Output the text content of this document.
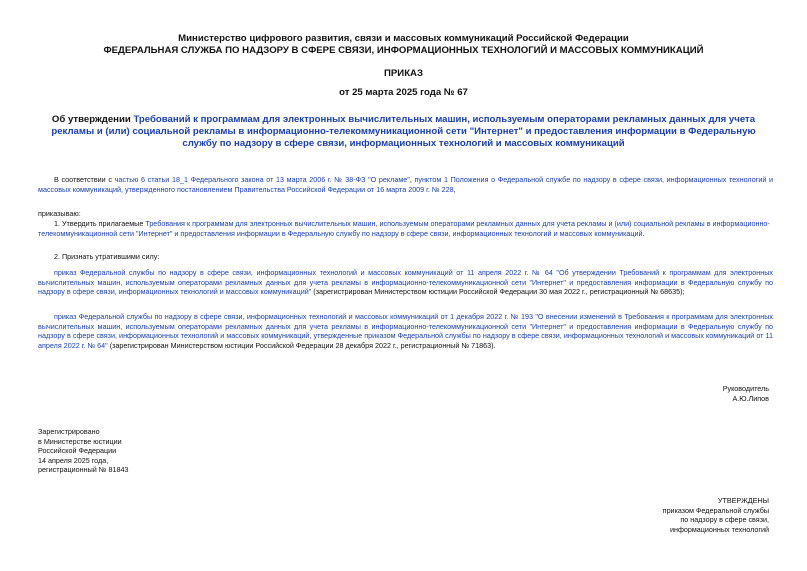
Министерство цифрового развития, связи и массовых коммуникаций Российской Федерации
ФЕДЕРАЛЬНАЯ СЛУЖБА ПО НАДЗОРУ В СФЕРЕ СВЯЗИ, ИНФОРМАЦИОННЫХ ТЕХНОЛОГИЙ И МАССОВЫХ КОММУНИКАЦИЙ
ПРИКАЗ
от 25 марта 2025 года № 67
Об утверждении Требований к программам для электронных вычислительных машин, используемым операторами рекламных данных для учета рекламы и (или) социальной рекламы в информационно-телекоммуникационной сети "Интернет" и предоставления информации в Федеральную службу по надзору в сфере связи, информационных технологий и массовых коммуникаций
В соответствии с частью 6 статьи 18_1 Федерального закона от 13 марта 2006 г. № 38-ФЗ "О рекламе", пунктом 1 Положения о Федеральной службе по надзору в сфере связи, информационных технологий и массовых коммуникаций, утвержденного постановлением Правительства Российской Федерации от 16 марта 2009 г. № 228,
приказываю:
1. Утвердить прилагаемые Требования к программам для электронных вычислительных машин, используемым операторами рекламных данных для учета рекламы и (или) социальной рекламы в информационно-телекоммуникационной сети "Интернет" и предоставления информации в Федеральную службу по надзору в сфере связи, информационных технологий и массовых коммуникаций.
2. Признать утратившими силу:
приказ Федеральной службы по надзору в сфере связи, информационных технологий и массовых коммуникаций от 11 апреля 2022 г. № 64 "Об утверждении Требований к программам для электронных вычислительных машин, используемым операторами рекламных данных для учета рекламы в информационно-телекоммуникационной сети "Интернет" и предоставления информации в Федеральную службу по надзору в сфере связи, информационных технологий и массовых коммуникаций" (зарегистрирован Министерством юстиции Российской Федерации 30 мая 2022 г., регистрационный № 68635);
приказ Федеральной службы по надзору в сфере связи, информационных технологий и массовых коммуникаций от 1 декабря 2022 г. № 193 "О внесении изменений в Требования к программам для электронных вычислительных машин, используемым операторами рекламных данных для учета рекламы в информационно-телекоммуникационной сети "Интернет" и предоставления информации в Федеральную службу по надзору в сфере связи, информационных технологий и массовых коммуникаций, утвержденные приказом Федеральной службы по надзору в сфере связи, информационных технологий и массовых коммуникаций от 11 апреля 2022 г. № 64" (зарегистрирован Министерством юстиции Российской Федерации 28 декабря 2022 г., регистрационный № 71863).
Руководитель
А.Ю.Липов
Зарегистрировано
в Министерстве юстиции
Российской Федерации
14 апреля 2025 года,
регистрационный № 81843
УТВЕРЖДЕНЫ
приказом Федеральной службы
по надзору в сфере связи,
информационных технологий
